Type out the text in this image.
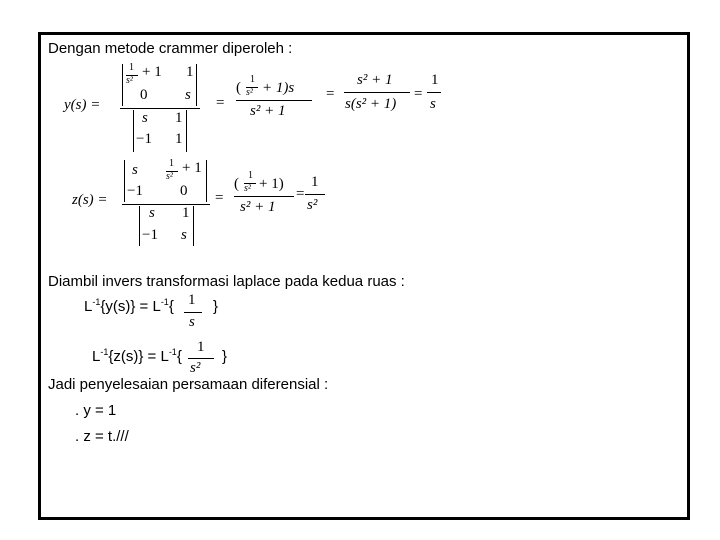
Dengan metode crammer diperoleh :
y(s) =
1
s²
+ 1 1
0	s
s 1
−1 1
=
(
1
s² + 1)s
s² + 1
=
s² + 1
s(s² + 1)
=
1
s
z(s) =
s	1
s²
+ 1
−1 0
s 1
−1 s
=
(
1
s² + 1)
s² + 1
=
1
s²
Diambil invers transformasi laplace pada kedua ruas :
$L^{-1}\{y(s)\} = L^{-1}${ 1
s
}
$L^{-1}\{z(s)\} = L^{-1}${
1
s²
}
Jadi penyelesaian persamaan diferensial :
. y = 1
. z = t.///
